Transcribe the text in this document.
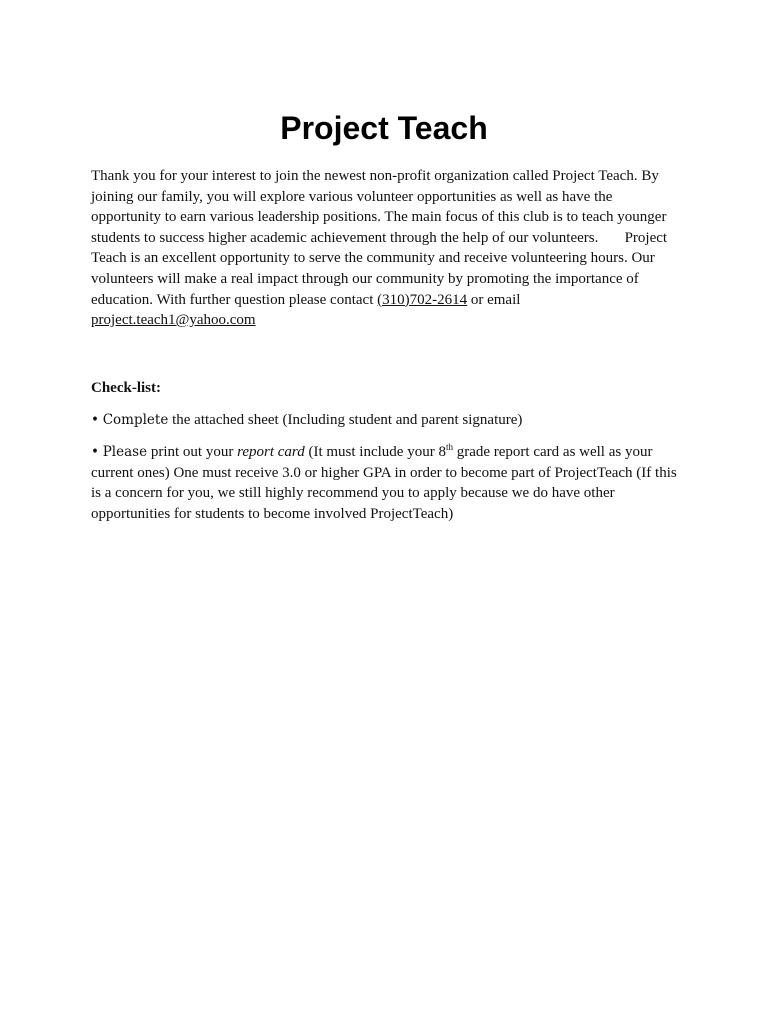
Project Teach
Thank you for your interest to join the newest non-profit organization called Project Teach. By joining our family, you will explore various volunteer opportunities as well as have the opportunity to earn various leadership positions. The main focus of this club is to teach younger students to success higher academic achievement through the help of our volunteers.       Project Teach is an excellent opportunity to serve the community and receive volunteering hours. Our volunteers will make a real impact through our community by promoting the importance of education. With further question please contact (310)702-2614 or email
project.teach1@yahoo.com
Check-list:
• Complete the attached sheet (Including student and parent signature)
• Please print out your report card (It must include your 8th grade report card as well as your current ones) One must receive 3.0 or higher GPA in order to become part of ProjectTeach (If this is a concern for you, we still highly recommend you to apply because we do have other opportunities for students to become involved ProjectTeach)
